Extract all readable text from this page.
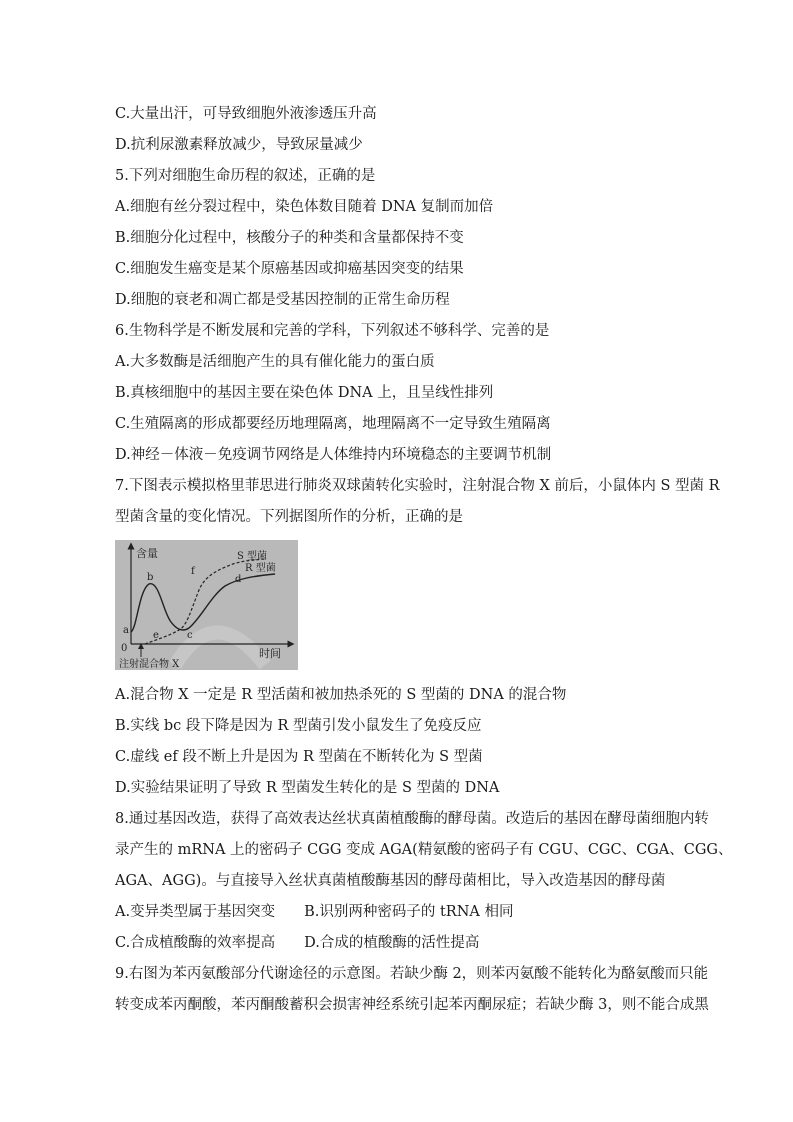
C.大量出汗，可导致细胞外液渗透压升高
D.抗利尿激素释放减少，导致尿量减少
5.下列对细胞生命历程的叙述，正确的是
A.细胞有丝分裂过程中，染色体数目随着 DNA 复制而加倍
B.细胞分化过程中，核酸分子的种类和含量都保持不变
C.细胞发生癌变是某个原癌基因或抑癌基因突变的结果
D.细胞的衰老和凋亡都是受基因控制的正常生命历程
6.生物科学是不断发展和完善的学科，下列叙述不够科学、完善的是
A.大多数酶是活细胞产生的具有催化能力的蛋白质
B.真核细胞中的基因主要在染色体 DNA 上，且呈线性排列
C.生殖隔离的形成都要经历地理隔离，地理隔离不一定导致生殖隔离
D.神经－体液－免疫调节网络是人体维持内环境稳态的主要调节机制
7.下图表示模拟格里菲思进行肺炎双球菌转化实验时，注射混合物 X 前后，小鼠体内 S 型菌 R
型菌含量的变化情况。下列据图所作的分析，正确的是
A.混合物 X 一定是 R 型活菌和被加热杀死的 S 型菌的 DNA 的混合物
B.实线 bc 段下降是因为 R 型菌引发小鼠发生了免疫反应
C.虚线 ef 段不断上升是因为 R 型菌在不断转化为 S 型菌
D.实验结果证明了导致 R 型菌发生转化的是 S 型菌的 DNA
8.通过基因改造，获得了高效表达丝状真菌植酸酶的酵母菌。改造后的基因在酵母菌细胞内转
录产生的 mRNA 上的密码子 CGG 变成 AGA(精氨酸的密码子有 CGU、CGC、CGA、CGG、
AGA、AGG)。与直接导入丝状真菌植酸酶基因的酵母菌相比，导入改造基因的酵母菌
A.变异类型属于基因突变　　B.识别两种密码子的 tRNA 相同
C.合成植酸酶的效率提高　　D.合成的植酸酶的活性提高
9.右图为苯丙氨酸部分代谢途径的示意图。若缺少酶 2，则苯丙氨酸不能转化为酪氨酸而只能
转变成苯丙酮酸，苯丙酮酸蓄积会损害神经系统引起苯丙酮尿症；若缺少酶 3，则不能合成黑
含量
时间
0
a
b
c
d
e
f
S 型菌
R 型菌
注射混合物 X
